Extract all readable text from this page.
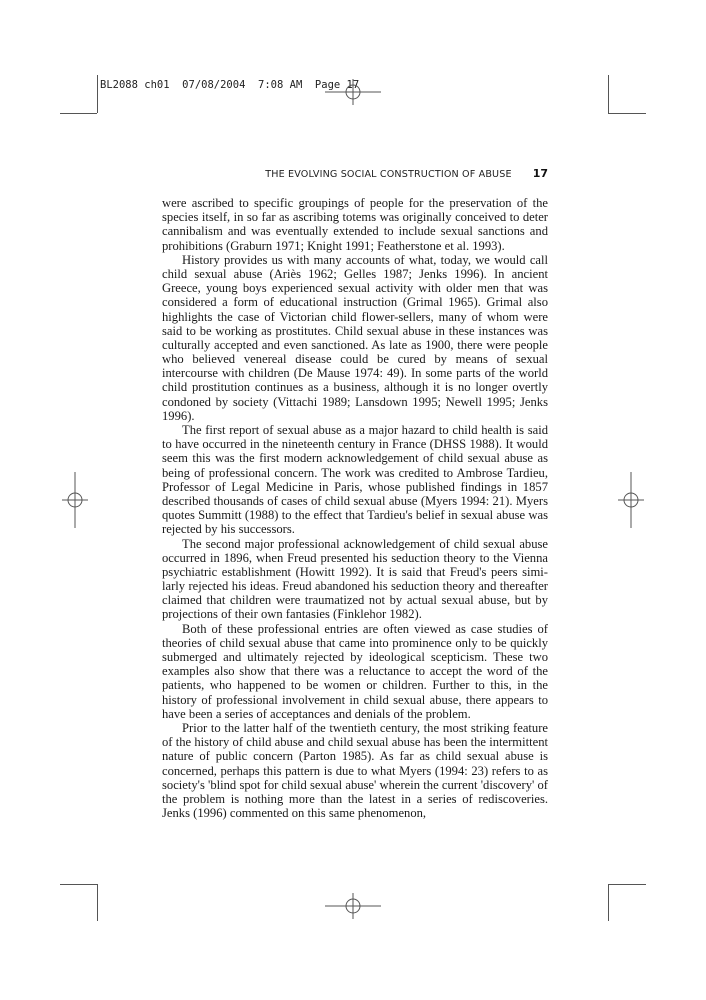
BL2088 ch01  07/08/2004  7:08 AM  Page 17
THE EVOLVING SOCIAL CONSTRUCTION OF ABUSE 17

were ascribed to specific groupings of people for the preservation of the species itself, in so far as ascribing totems was originally conceived to deter cannibalism and was eventually extended to include sexual sanctions and prohibitions (Graburn 1971; Knight 1991; Featherstone et al. 1993).

History provides us with many accounts of what, today, we would call child sexual abuse (Ariès 1962; Gelles 1987; Jenks 1996). In ancient Greece, young boys experienced sexual activity with older men that was considered a form of educational instruction (Grimal 1965). Grimal also highlights the case of Victorian child flower-sellers, many of whom were said to be working as prostitutes. Child sexual abuse in these instances was culturally accepted and even sanctioned. As late as 1900, there were people who believed venereal disease could be cured by means of sexual intercourse with children (De Mause 1974: 49). In some parts of the world child prostitution continues as a business, although it is no longer overtly condoned by society (Vittachi 1989; Lansdown 1995; Newell 1995; Jenks 1996).

The first report of sexual abuse as a major hazard to child health is said to have occurred in the nineteenth century in France (DHSS 1988). It would seem this was the first modern acknowledgement of child sexual abuse as being of professional concern. The work was credited to Ambrose Tardieu, Professor of Legal Medicine in Paris, whose published findings in 1857 described thousands of cases of child sexual abuse (Myers 1994: 21). Myers quotes Summitt (1988) to the effect that Tardieu's belief in sexual abuse was rejected by his successors.

The second major professional acknowledgement of child sexual abuse occurred in 1896, when Freud presented his seduction theory to the Vienna psychiatric establishment (Howitt 1992). It is said that Freud's peers similarly rejected his ideas. Freud abandoned his seduction theory and thereafter claimed that children were traumatized not by actual sexual abuse, but by projections of their own fantasies (Finklehor 1982).

Both of these professional entries are often viewed as case studies of theories of child sexual abuse that came into prominence only to be quickly submerged and ultimately rejected by ideological scepticism. These two examples also show that there was a reluctance to accept the word of the patients, who happened to be women or children. Further to this, in the history of professional involvement in child sexual abuse, there appears to have been a series of acceptances and denials of the problem.

Prior to the latter half of the twentieth century, the most striking feature of the history of child abuse and child sexual abuse has been the intermittent nature of public concern (Parton 1985). As far as child sexual abuse is concerned, perhaps this pattern is due to what Myers (1994: 23) refers to as society's 'blind spot for child sexual abuse' wherein the current 'discovery' of the problem is nothing more than the latest in a series of rediscoveries. Jenks (1996) commented on this same phenomenon,
